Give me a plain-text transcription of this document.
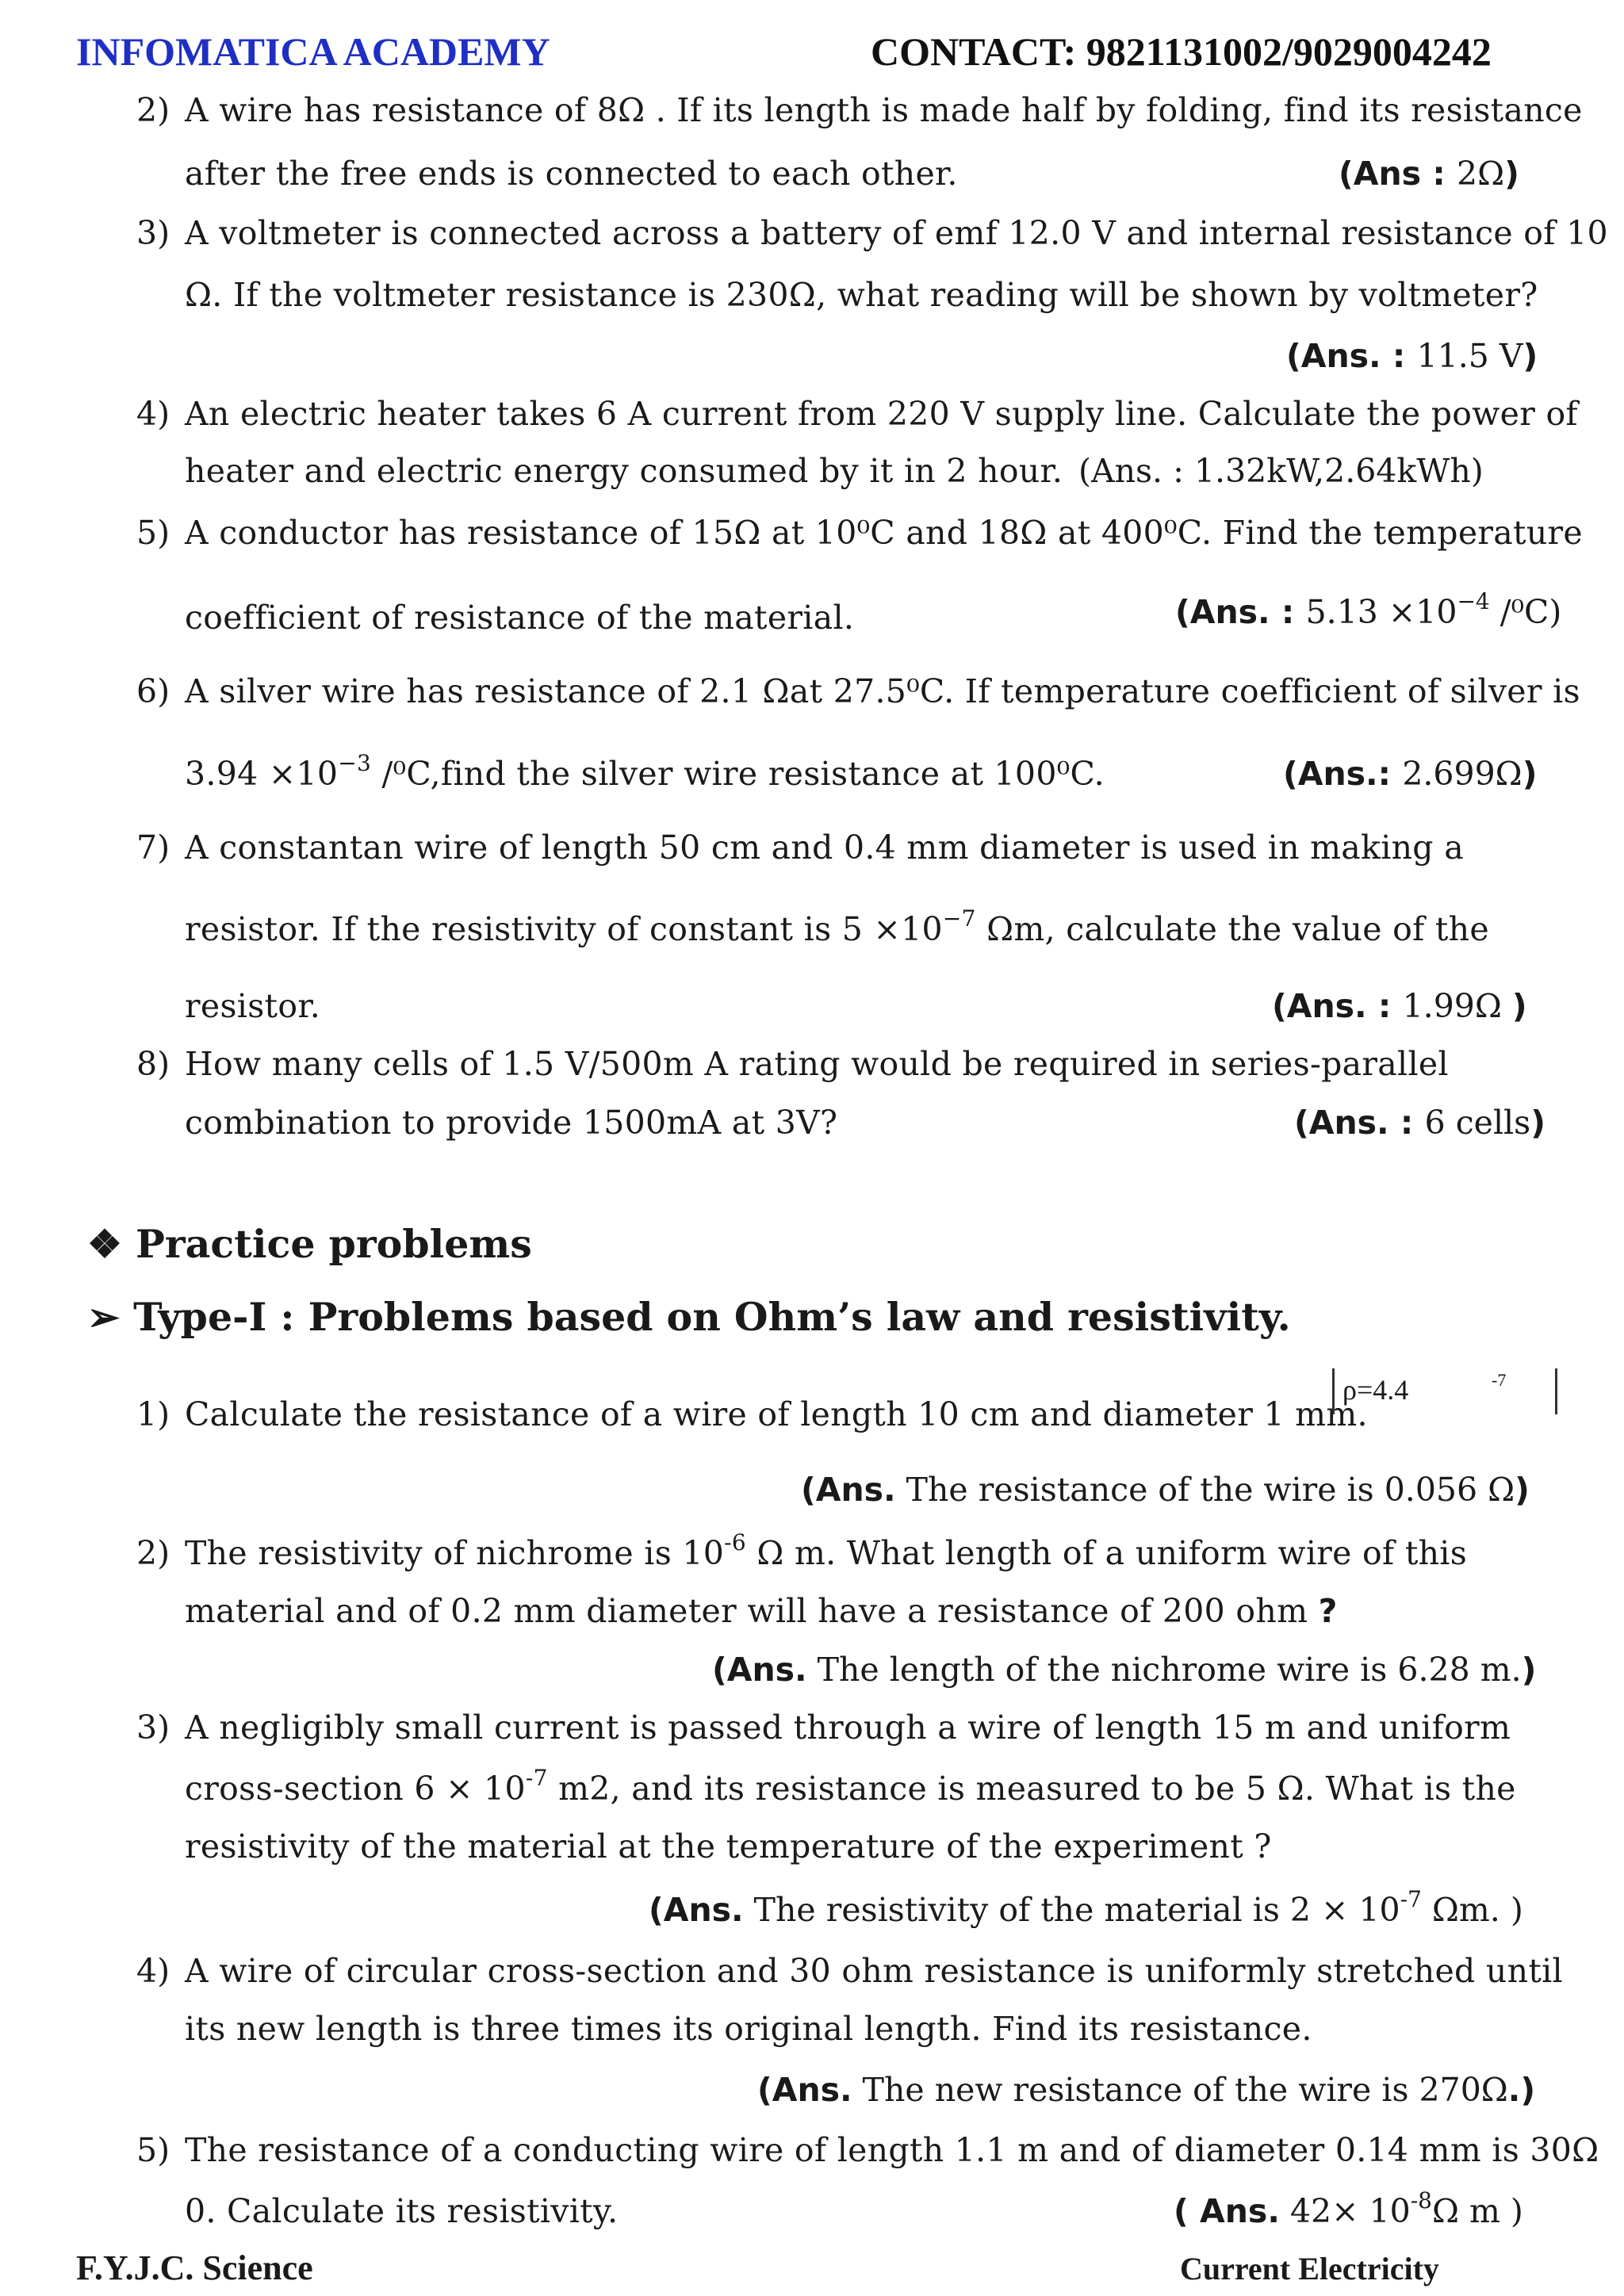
INFOMATICA ACADEMY	CONTACT: 9821131002/9029004242
2) A wire has resistance of 8Ω . If its length is made half by folding, find its resistance
after the free ends is connected to each other.	(Ans : 2Ω)
3) A voltmeter is connected across a battery of emf 12.0 V and internal resistance of 10
Ω. If the voltmeter resistance is 230Ω, what reading will be shown by voltmeter?
(Ans. : 11.5 V)
4) An electric heater takes 6 A current from 220 V supply line. Calculate the power of
heater and electric energy consumed by it in 2 hour. (Ans. : 1.32kW,2.64kWh)
5) A conductor has resistance of 15Ω at 10⁰C and 18Ω at 400⁰C. Find the temperature
coefficient of resistance of the material.	(Ans. : $5.13 \times 10^{-4}$ /⁰C)
6) A silver wire has resistance of 2.1 Ωat 27.5⁰C. If temperature coefficient of silver is
$3.94 \times 10^{-3}$ /⁰C,find the silver wire resistance at 100⁰C.	(Ans.: 2.699Ω)
7) A constantan wire of length 50 cm and 0.4 mm diameter is used in making a
resistor. If the resistivity of constant is $5 \times 10^{-7}$ Ωm, calculate the value of the
resistor.	(Ans. : 1.99Ω )
8) How many cells of 1.5 V/500m A rating would be required in series-parallel
combination to provide 1500mA at 3V?	(Ans. : 6 cells)
❖ Practice problems
➢ Type-I : Problems based on Ohm’s law and resistivity.
1) Calculate the resistance of a wire of length 10 cm and diameter 1 mm.
ρ=4.4	-7
(Ans. The resistance of the wire is 0.056 Ω)
2) The resistivity of nichrome is $10^{-6}$ Ω m. What length of a uniform wire of this
material and of 0.2 mm diameter will have a resistance of 200 ohm ?
(Ans. The length of the nichrome wire is 6.28 m.)
3) A negligibly small current is passed through a wire of length 15 m and uniform
cross-section $6 \times 10^{-7}$ m2, and its resistance is measured to be 5 Ω. What is the
resistivity of the material at the temperature of the experiment ?
(Ans. The resistivity of the material is $2 \times 10^{-7}$ Ωm. )
4) A wire of circular cross-section and 30 ohm resistance is uniformly stretched until
its new length is three times its original length. Find its resistance.
(Ans. The new resistance of the wire is 270Ω.)
5) The resistance of a conducting wire of length 1.1 m and of diameter 0.14 mm is 30Ω
0. Calculate its resistivity.	( Ans. $42\times 10^{-8}\Omega$ m )
F.Y.J.C. Science	Current Electricity
